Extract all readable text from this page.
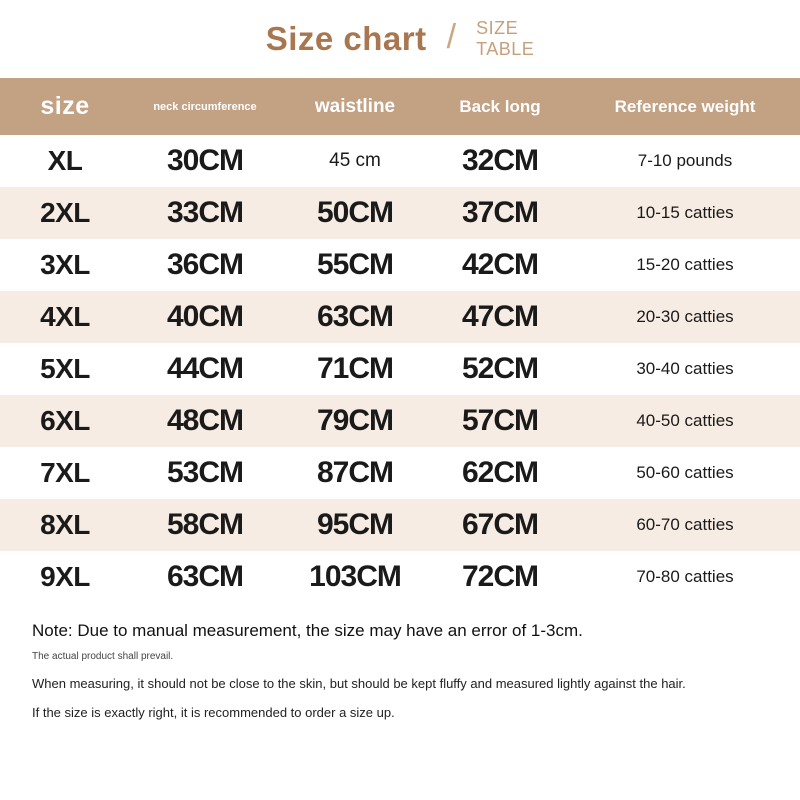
Size chart / SIZE
TABLE
size	neck circumference	waistline	Back long	Reference weight
XL	30CM	45 cm	32CM	7-10 pounds
2XL	33CM	50CM	37CM	10-15 catties
3XL	36CM	55CM	42CM	15-20 catties
4XL	40CM	63CM	47CM	20-30 catties
5XL	44CM	71CM	52CM	30-40 catties
6XL	48CM	79CM	57CM	40-50 catties
7XL	53CM	87CM	62CM	50-60 catties
8XL	58CM	95CM	67CM	60-70 catties
9XL	63CM	103CM	72CM	70-80 catties
Note: Due to manual measurement, the size may have an error of 1-3cm.
The actual product shall prevail.
When measuring, it should not be close to the skin, but should be kept fluffy and measured lightly against the hair.
If the size is exactly right, it is recommended to order a size up.
